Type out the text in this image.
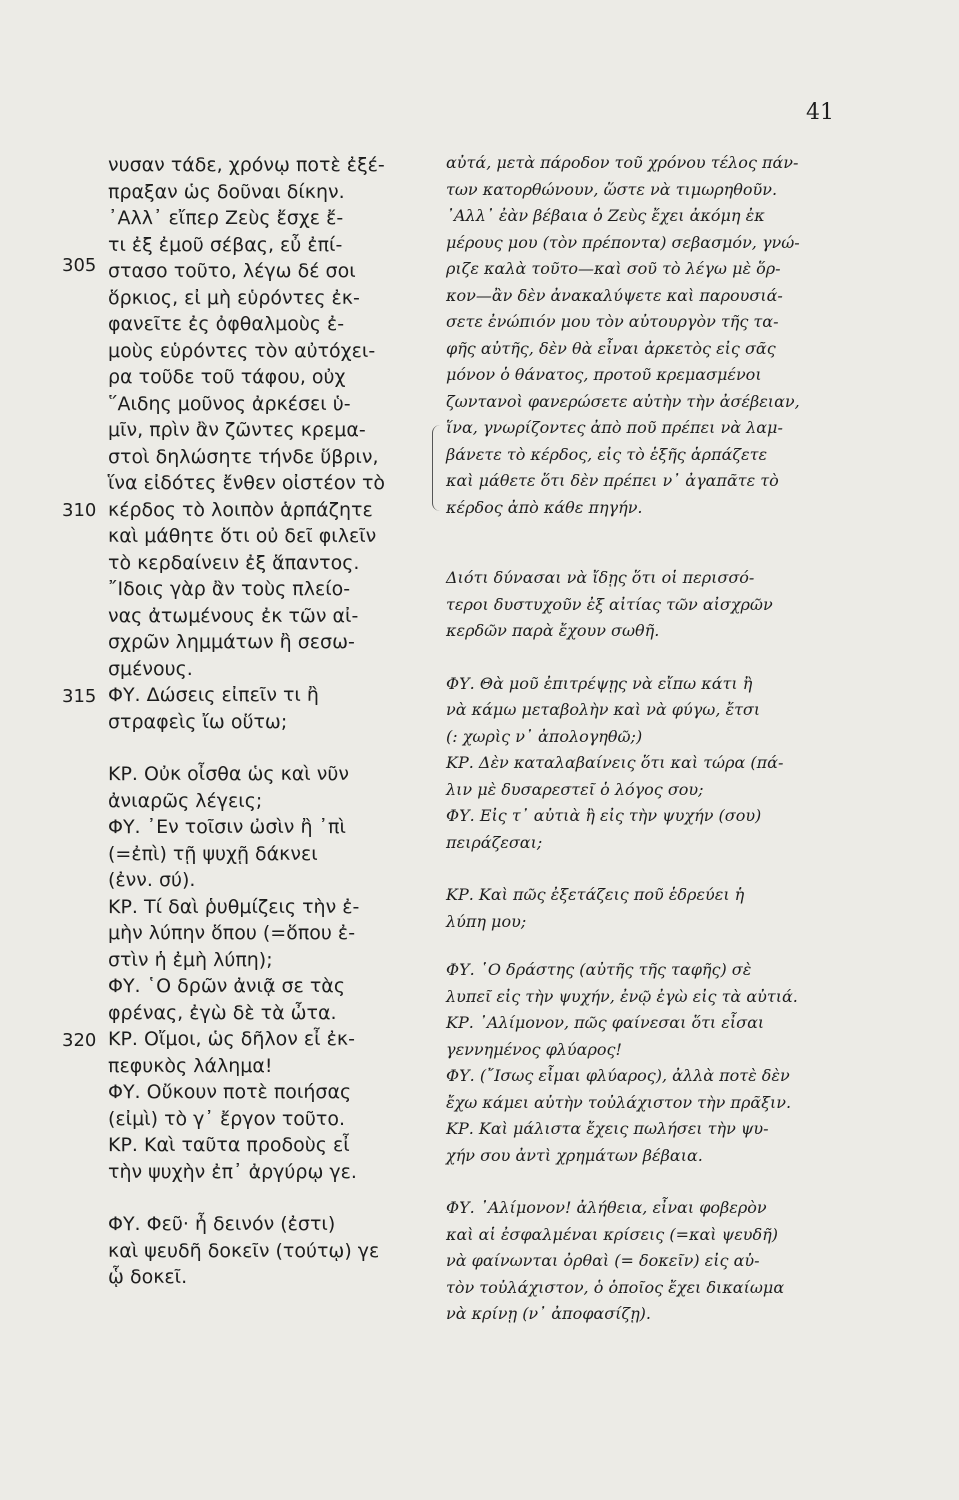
41
305
310
315
320
νυσαν τάδε, χρόνῳ ποτὲ ἐξέ-
πραξαν ὡς δοῦναι δίκην.
᾿Αλλ᾿ εἴπερ Ζεὺς ἔσχε ἔ-
τι ἐξ ἐμοῦ σέβας, εὖ ἐπί-
στασο τοῦτο, λέγω δέ σοι
ὅρκιος, εἰ μὴ εὑρόντες ἐκ-
φανεῖτε ἐς ὀφθαλμοὺς ἐ-
μοὺς εὑρόντες τὸν αὐτόχει-
ρα τοῦδε τοῦ τάφου, οὐχ
῞Αιδης μοῦνος ἀρκέσει ὑ-
μῖν, πρὶν ἂν ζῶντες κρεμα-
στοὶ δηλώσητε τήνδε ὕβριν,
ἵνα εἰδότες ἔνθεν οἰστέον τὸ
κέρδος τὸ λοιπὸν ἁρπάζητε
καὶ μάθητε ὅτι οὐ δεῖ φιλεῖν
τὸ κερδαίνειν ἐξ ἅπαντος.
῎Ιδοις γὰρ ἂν τοὺς πλείο-
νας ἀτωμένους ἐκ τῶν αἰ-
σχρῶν λημμάτων ἢ σεσω-
σμένους.
ΦΥ. Δώσεις εἰπεῖν τι ἢ
στραφεὶς ἴω οὕτω;
ΚΡ. Οὐκ οἶσθα ὡς καὶ νῦν
ἀνιαρῶς λέγεις;
ΦΥ. ᾿Εν τοῖσιν ὠσὶν ἢ ᾿πὶ
(=ἐπὶ) τῇ ψυχῇ δάκνει
(ἐνν. σύ).
ΚΡ. Τί δαὶ ῥυθμίζεις τὴν ἐ-
μὴν λύπην ὅπου (=ὅπου ἐ-
στὶν ἡ ἐμὴ λύπη);
ΦΥ. ῾Ο δρῶν ἀνιᾷ σε τὰς
φρένας, ἐγὼ δὲ τὰ ὦτα.
ΚΡ. Οἴμοι, ὡς δῆλον εἶ ἐκ-
πεφυκὸς λάλημα!
ΦΥ. Οὔκουν ποτὲ ποιήσας
(εἰμὶ) τὸ γ᾿ ἔργον τοῦτο.
ΚΡ. Καὶ ταῦτα προδοὺς εἶ
τὴν ψυχὴν ἐπ᾿ ἀργύρῳ γε.
ΦΥ. Φεῦ· ἦ δεινόν (ἐστι)
καὶ ψευδῆ δοκεῖν (τούτῳ) γε
ᾧ δοκεῖ.
αὐτά, μετὰ πάροδον τοῦ χρόνου τέλος πάν-
των κατορθώνουν, ὥστε νὰ τιμωρηθοῦν.
᾿Αλλ᾿ ἐὰν βέβαια ὁ Ζεὺς ἔχει ἀκόμη ἐκ
μέρους μου (τὸν πρέποντα) σεβασμόν, γνώ-
ριζε καλὰ τοῦτο—καὶ σοῦ τὸ λέγω μὲ ὅρ-
κον—ἂν δὲν ἀνακαλύψετε καὶ παρουσιά-
σετε ἐνώπιόν μου τὸν αὐτουργὸν τῆς τα-
φῆς αὐτῆς, δὲν θὰ εἶναι ἀρκετὸς εἰς σᾶς
μόνον ὁ θάνατος, προτοῦ κρεμασμένοι
ζωντανοὶ φανερώσετε αὐτὴν τὴν ἀσέβειαν,
ἵνα, γνωρίζοντες ἀπὸ ποῦ πρέπει νὰ λαμ-
βάνετε τὸ κέρδος, εἰς τὸ ἑξῆς ἁρπάζετε
καὶ μάθετε ὅτι δὲν πρέπει ν᾿ ἀγαπᾶτε τὸ
κέρδος ἀπὸ κάθε πηγήν.
Διότι δύνασαι νὰ ἴδῃς ὅτι οἱ περισσό-
τεροι δυστυχοῦν ἐξ αἰτίας τῶν αἰσχρῶν
κερδῶν παρὰ ἔχουν σωθῆ.
ΦΥ. Θὰ μοῦ ἐπιτρέψῃς νὰ εἴπω κάτι ἢ
νὰ κάμω μεταβολὴν καὶ νὰ φύγω, ἔτσι
(: χωρὶς ν᾿ ἀπολογηθῶ;)
ΚΡ. Δὲν καταλαβαίνεις ὅτι καὶ τώρα (πά-
λιν μὲ δυσαρεστεῖ ὁ λόγος σου;
ΦΥ. Εἰς τ᾿ αὐτιὰ ἢ εἰς τὴν ψυχήν (σου)
πειράζεσαι;
ΚΡ. Καὶ πῶς ἐξετάζεις ποῦ ἑδρεύει ἡ
λύπη μου;
ΦΥ. ῾Ο δράστης (αὐτῆς τῆς ταφῆς) σὲ
λυπεῖ εἰς τὴν ψυχήν, ἐνῷ ἐγὼ εἰς τὰ αὐτιά.
ΚΡ. ᾿Αλίμονον, πῶς φαίνεσαι ὅτι εἶσαι
γεννημένος φλύαρος!
ΦΥ. (῎Ισως εἶμαι φλύαρος), ἀλλὰ ποτὲ δὲν
ἔχω κάμει αὐτὴν τοὐλάχιστον τὴν πρᾶξιν.
ΚΡ. Καὶ μάλιστα ἔχεις πωλήσει τὴν ψυ-
χήν σου ἀντὶ χρημάτων βέβαια.
ΦΥ. ᾿Αλίμονον! ἀλήθεια, εἶναι φοβερὸν
καὶ αἱ ἐσφαλμέναι κρίσεις (=καὶ ψευδῆ)
νὰ φαίνωνται ὀρθαὶ (= δοκεῖν) εἰς αὐ-
τὸν τοὐλάχιστον, ὁ ὁποῖος ἔχει δικαίωμα
νὰ κρίνῃ (ν᾿ ἀποφασίζῃ).
